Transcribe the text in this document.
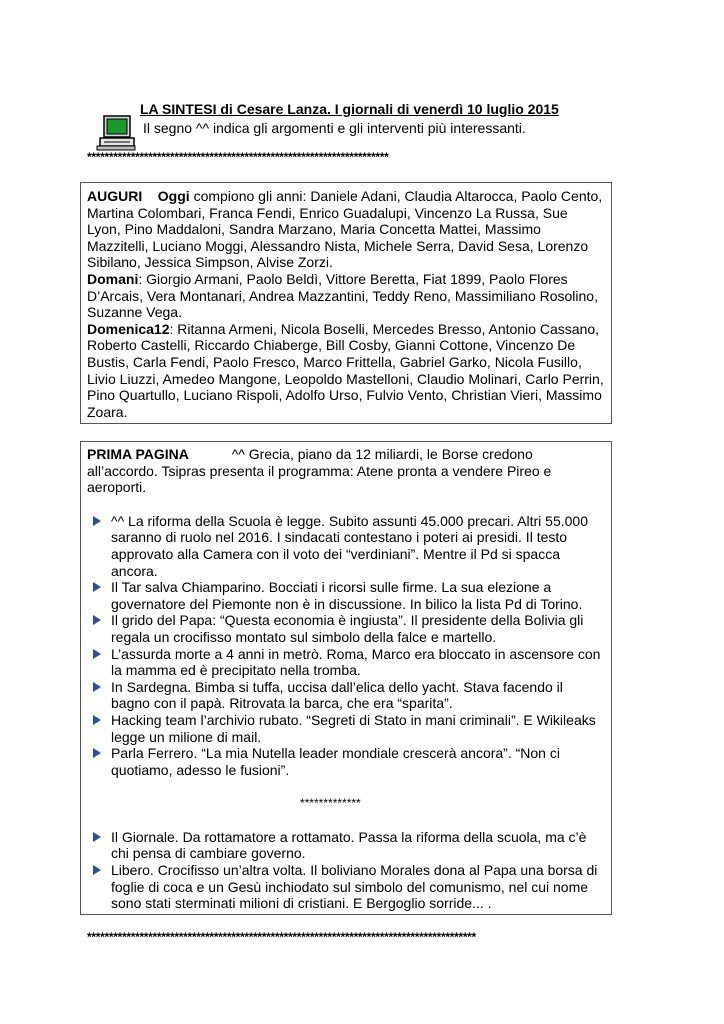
LA SINTESI di Cesare Lanza. I giornali di venerdì 10 luglio 2015
Il segno ^^ indica gli argomenti e gli interventi più interessanti.
*********************************************************************

AUGURI Oggi compiono gli anni: Daniele Adani, Claudia Altarocca, Paolo Cento, Martina Colombari, Franca Fendi, Enrico Guadalupi, Vincenzo La Russa, Sue Lyon, Pino Maddaloni, Sandra Marzano, Maria Concetta Mattei, Massimo Mazzitelli, Luciano Moggi, Alessandro Nista, Michele Serra, David Sesa, Lorenzo Sibilano, Jessica Simpson, Alvise Zorzi.

Domani: Giorgio Armani, Paolo Beldì, Vittore Beretta, Fiat 1899, Paolo Flores D’Arcais, Vera Montanari, Andrea Mazzantini, Teddy Reno, Massimiliano Rosolino, Suzanne Vega.

Domenica12: Ritanna Armeni, Nicola Boselli, Mercedes Bresso, Antonio Cassano, Roberto Castelli, Riccardo Chiaberge, Bill Cosby, Gianni Cottone, Vincenzo De Bustis, Carla Fendi, Paolo Fresco, Marco Frittella, Gabriel Garko, Nicola Fusillo, Livio Liuzzi, Amedeo Mangone, Leopoldo Mastelloni, Claudio Molinari, Carlo Perrin, Pino Quartullo, Luciano Rispoli, Adolfo Urso, Fulvio Vento, Christian Vieri, Massimo Zoara.

PRIMA PAGINA	^^ Grecia, piano da 12 miliardi, le Borse credono all’accordo. Tsipras presenta il programma: Atene pronta a vendere Pireo e aeroporti.

^^ La riforma della Scuola è legge. Subito assunti 45.000 precari. Altri 55.000 saranno di ruolo nel 2016. I sindacati contestano i poteri ai presidi. Il testo approvato alla Camera con il voto dei “verdiniani”. Mentre il Pd si spacca ancora.
Il Tar salva Chiamparino. Bocciati i ricorsi sulle firme. La sua elezione a governatore del Piemonte non è in discussione. In bilico la lista Pd di Torino.
Il grido del Papa: “Questa economia è ingiusta”. Il presidente della Bolivia gli regala un crocifisso montato sul simbolo della falce e martello.
L’assurda morte a 4 anni in metrò. Roma, Marco era bloccato in ascensore con la mamma ed è precipitato nella tromba.
In Sardegna. Bimba si tuffa, uccisa dall’elica dello yacht. Stava facendo il bagno con il papà. Ritrovata la barca, che era “sparita”.
Hacking team l’archivio rubato. “Segreti di Stato in mani criminali”. E Wikileaks legge un milione di mail.
Parla Ferrero. “La mia Nutella leader mondiale crescerà ancora”. “Non ci quotiamo, adesso le fusioni”.

*************

Il Giornale. Da rottamatore a rottamato. Passa la riforma della scuola, ma c’è chi pensa di cambiare governo.
Libero. Crocifisso un’altra volta. Il boliviano Morales dona al Papa una borsa di foglie di coca e un Gesù inchiodato sul simbolo del comunismo, nel cui nome sono stati sterminati milioni di cristiani. E Bergoglio sorride... .
*****************************************************************************************
